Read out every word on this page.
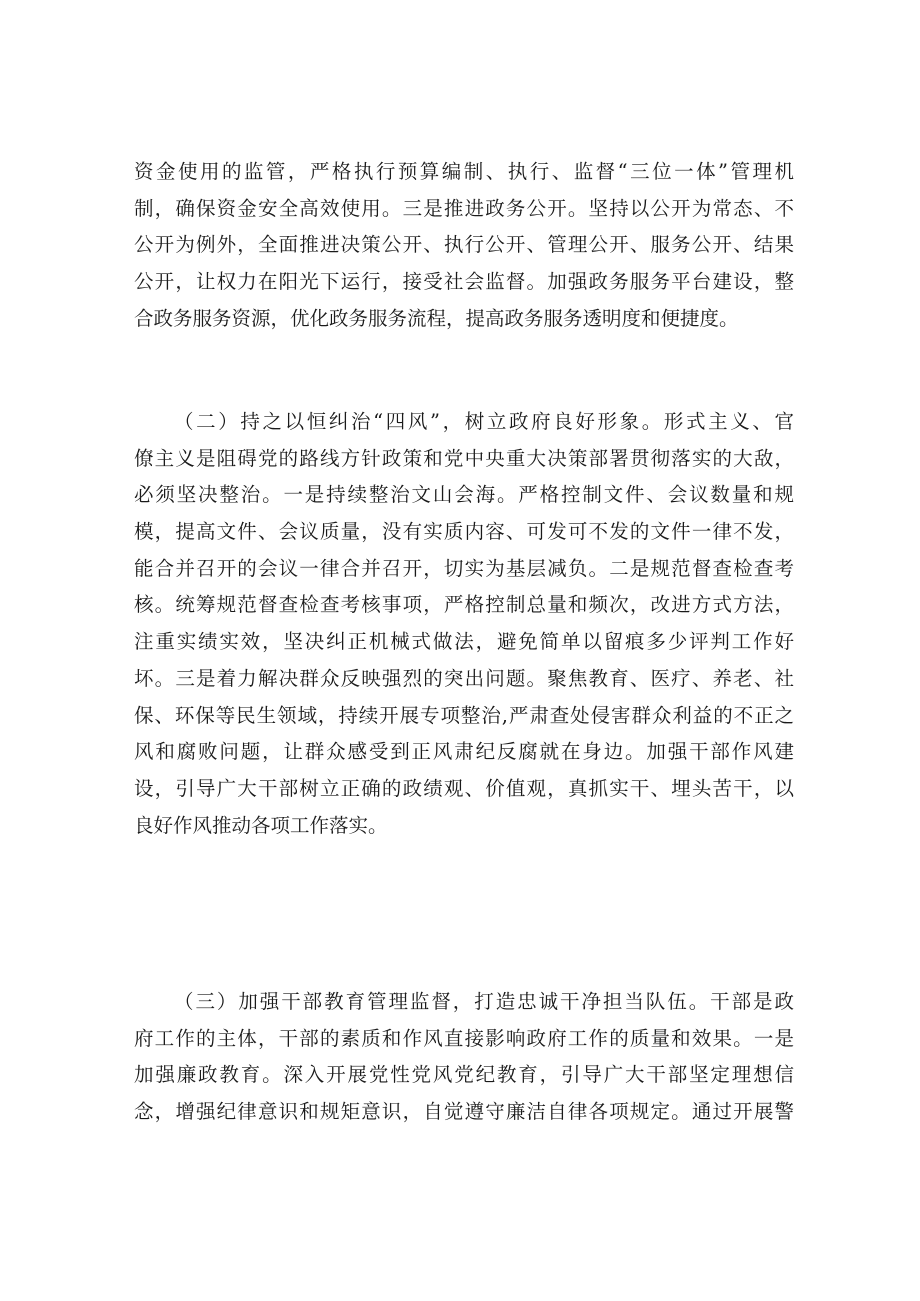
资金使用的监管，严格执行预算编制、执行、监督“三位一体”管理机
制，确保资金安全高效使用。三是推进政务公开。坚持以公开为常态、不
公开为例外，全面推进决策公开、执行公开、管理公开、服务公开、结果
公开，让权力在阳光下运行，接受社会监督。加强政务服务平台建设，整
合政务服务资源，优化政务服务流程，提高政务服务透明度和便捷度。
（二）持之以恒纠治“四风”，树立政府良好形象。形式主义、官
僚主义是阻碍党的路线方针政策和党中央重大决策部署贯彻落实的大敌，
必须坚决整治。一是持续整治文山会海。严格控制文件、会议数量和规
模，提高文件、会议质量，没有实质内容、可发可不发的文件一律不发，
能合并召开的会议一律合并召开，切实为基层减负。二是规范督查检查考
核。统筹规范督查检查考核事项，严格控制总量和频次，改进方式方法，
注重实绩实效，坚决纠正机械式做法，避免简单以留痕多少评判工作好
坏。三是着力解决群众反映强烈的突出问题。聚焦教育、医疗、养老、社
保、环保等民生领域，持续开展专项整治,严肃查处侵害群众利益的不正之
风和腐败问题，让群众感受到正风肃纪反腐就在身边。加强干部作风建
设，引导广大干部树立正确的政绩观、价值观，真抓实干、埋头苦干，以
良好作风推动各项工作落实。
（三）加强干部教育管理监督，打造忠诚干净担当队伍。干部是政
府工作的主体，干部的素质和作风直接影响政府工作的质量和效果。一是
加强廉政教育。深入开展党性党风党纪教育，引导广大干部坚定理想信
念，增强纪律意识和规矩意识，自觉遵守廉洁自律各项规定。通过开展警
